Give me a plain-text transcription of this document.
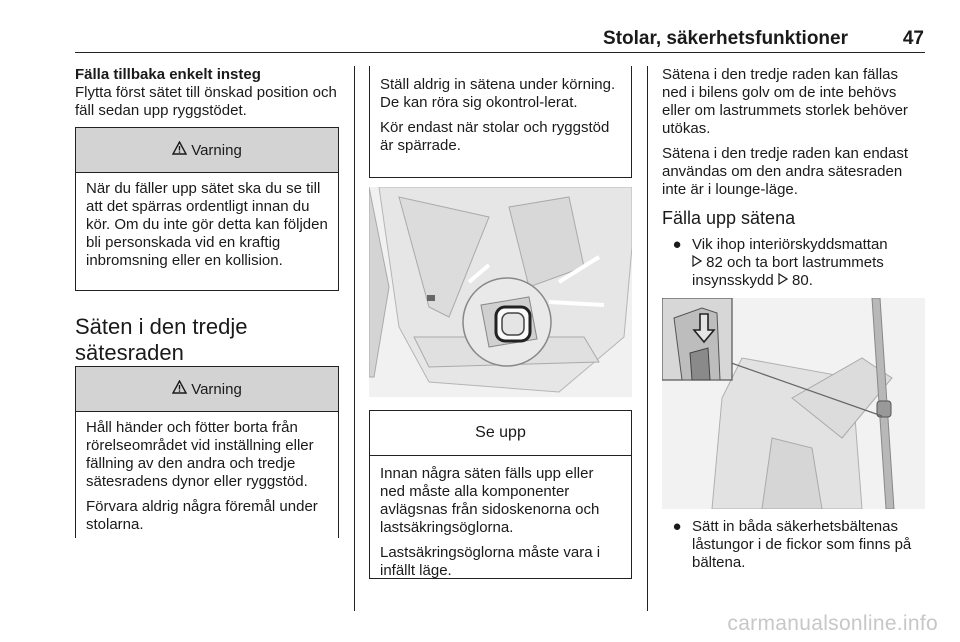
Stolar, säkerhetsfunktioner	47

Fälla tillbaka enkelt insteg

Flytta först sätet till önskad position och fäll sedan upp ryggstödet.

Varning

När du fäller upp sätet ska du se till att det spärras ordentligt innan du kör. Om du inte gör detta kan följden bli personskada vid en kraftig inbromsning eller en kollision.

Säten i den tredje
sätesraden
Varning

Håll händer och fötter borta från rörelseområdet vid inställning eller fällning av den andra och tredje sätesradens dynor eller ryggstöd.

Förvara aldrig några föremål under stolarna.

Ställ aldrig in sätena under körning. De kan röra sig okontrol-lerat.

Kör endast när stolar och ryggstöd är spärrade.

Se upp

Innan några säten fälls upp eller ned måste alla komponenter avlägsnas från sidoskenorna och lastsäkringsöglorna.

Lastsäkringsöglorna måste vara i infällt läge.

Sätena i den tredje raden kan fällas ned i bilens golv om de inte behövs eller om lastrummets storlek behöver utökas.

Sätena i den tredje raden kan endast användas om den andra sätesraden inte är i lounge-läge.

Fälla upp sätena
● Vik ihop interiörskyddsmattan
82 och ta bort lastrummets
insynsskydd 80.
● Sätt in båda säkerhetsbältenas låstungor i de fickor som finns på bältena.
carmanualsonline.info
